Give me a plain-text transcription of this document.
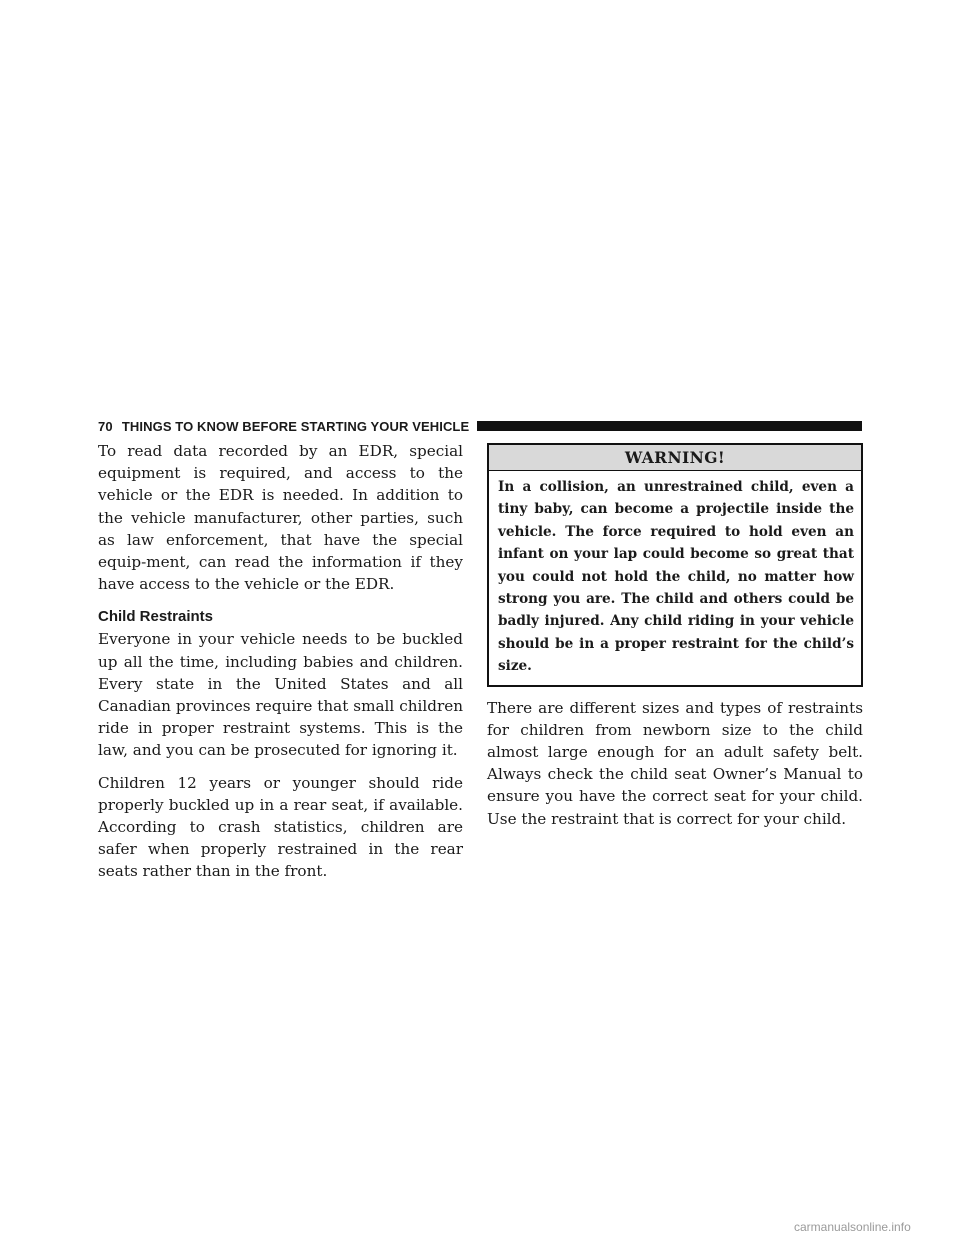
70 THINGS TO KNOW BEFORE STARTING YOUR VEHICLE

To read data recorded by an EDR, special equipment is required, and access to the vehicle or the EDR is needed. In addition to the vehicle manufacturer, other parties, such as law enforcement, that have the special equip-ment, can read the information if they have access to the vehicle or the EDR.

Child Restraints

Everyone in your vehicle needs to be buckled up all the time, including babies and children. Every state in the United States and all Canadian provinces require that small children ride in proper restraint systems. This is the law, and you can be prosecuted for ignoring it.

Children 12 years or younger should ride properly buckled up in a rear seat, if available. According to crash statistics, children are safer when properly restrained in the rear seats rather than in the front.

WARNING!
In a collision, an unrestrained child, even a tiny baby, can become a projectile inside the vehicle. The force required to hold even an infant on your lap could become so great that you could not hold the child, no matter how strong you are. The child and others could be badly injured. Any child riding in your vehicle should be in a proper restraint for the child’s size.

There are different sizes and types of restraints for children from newborn size to the child almost large enough for an adult safety belt. Always check the child seat Owner’s Manual to ensure you have the correct seat for your child. Use the restraint that is correct for your child.

carmanualsonline.info
